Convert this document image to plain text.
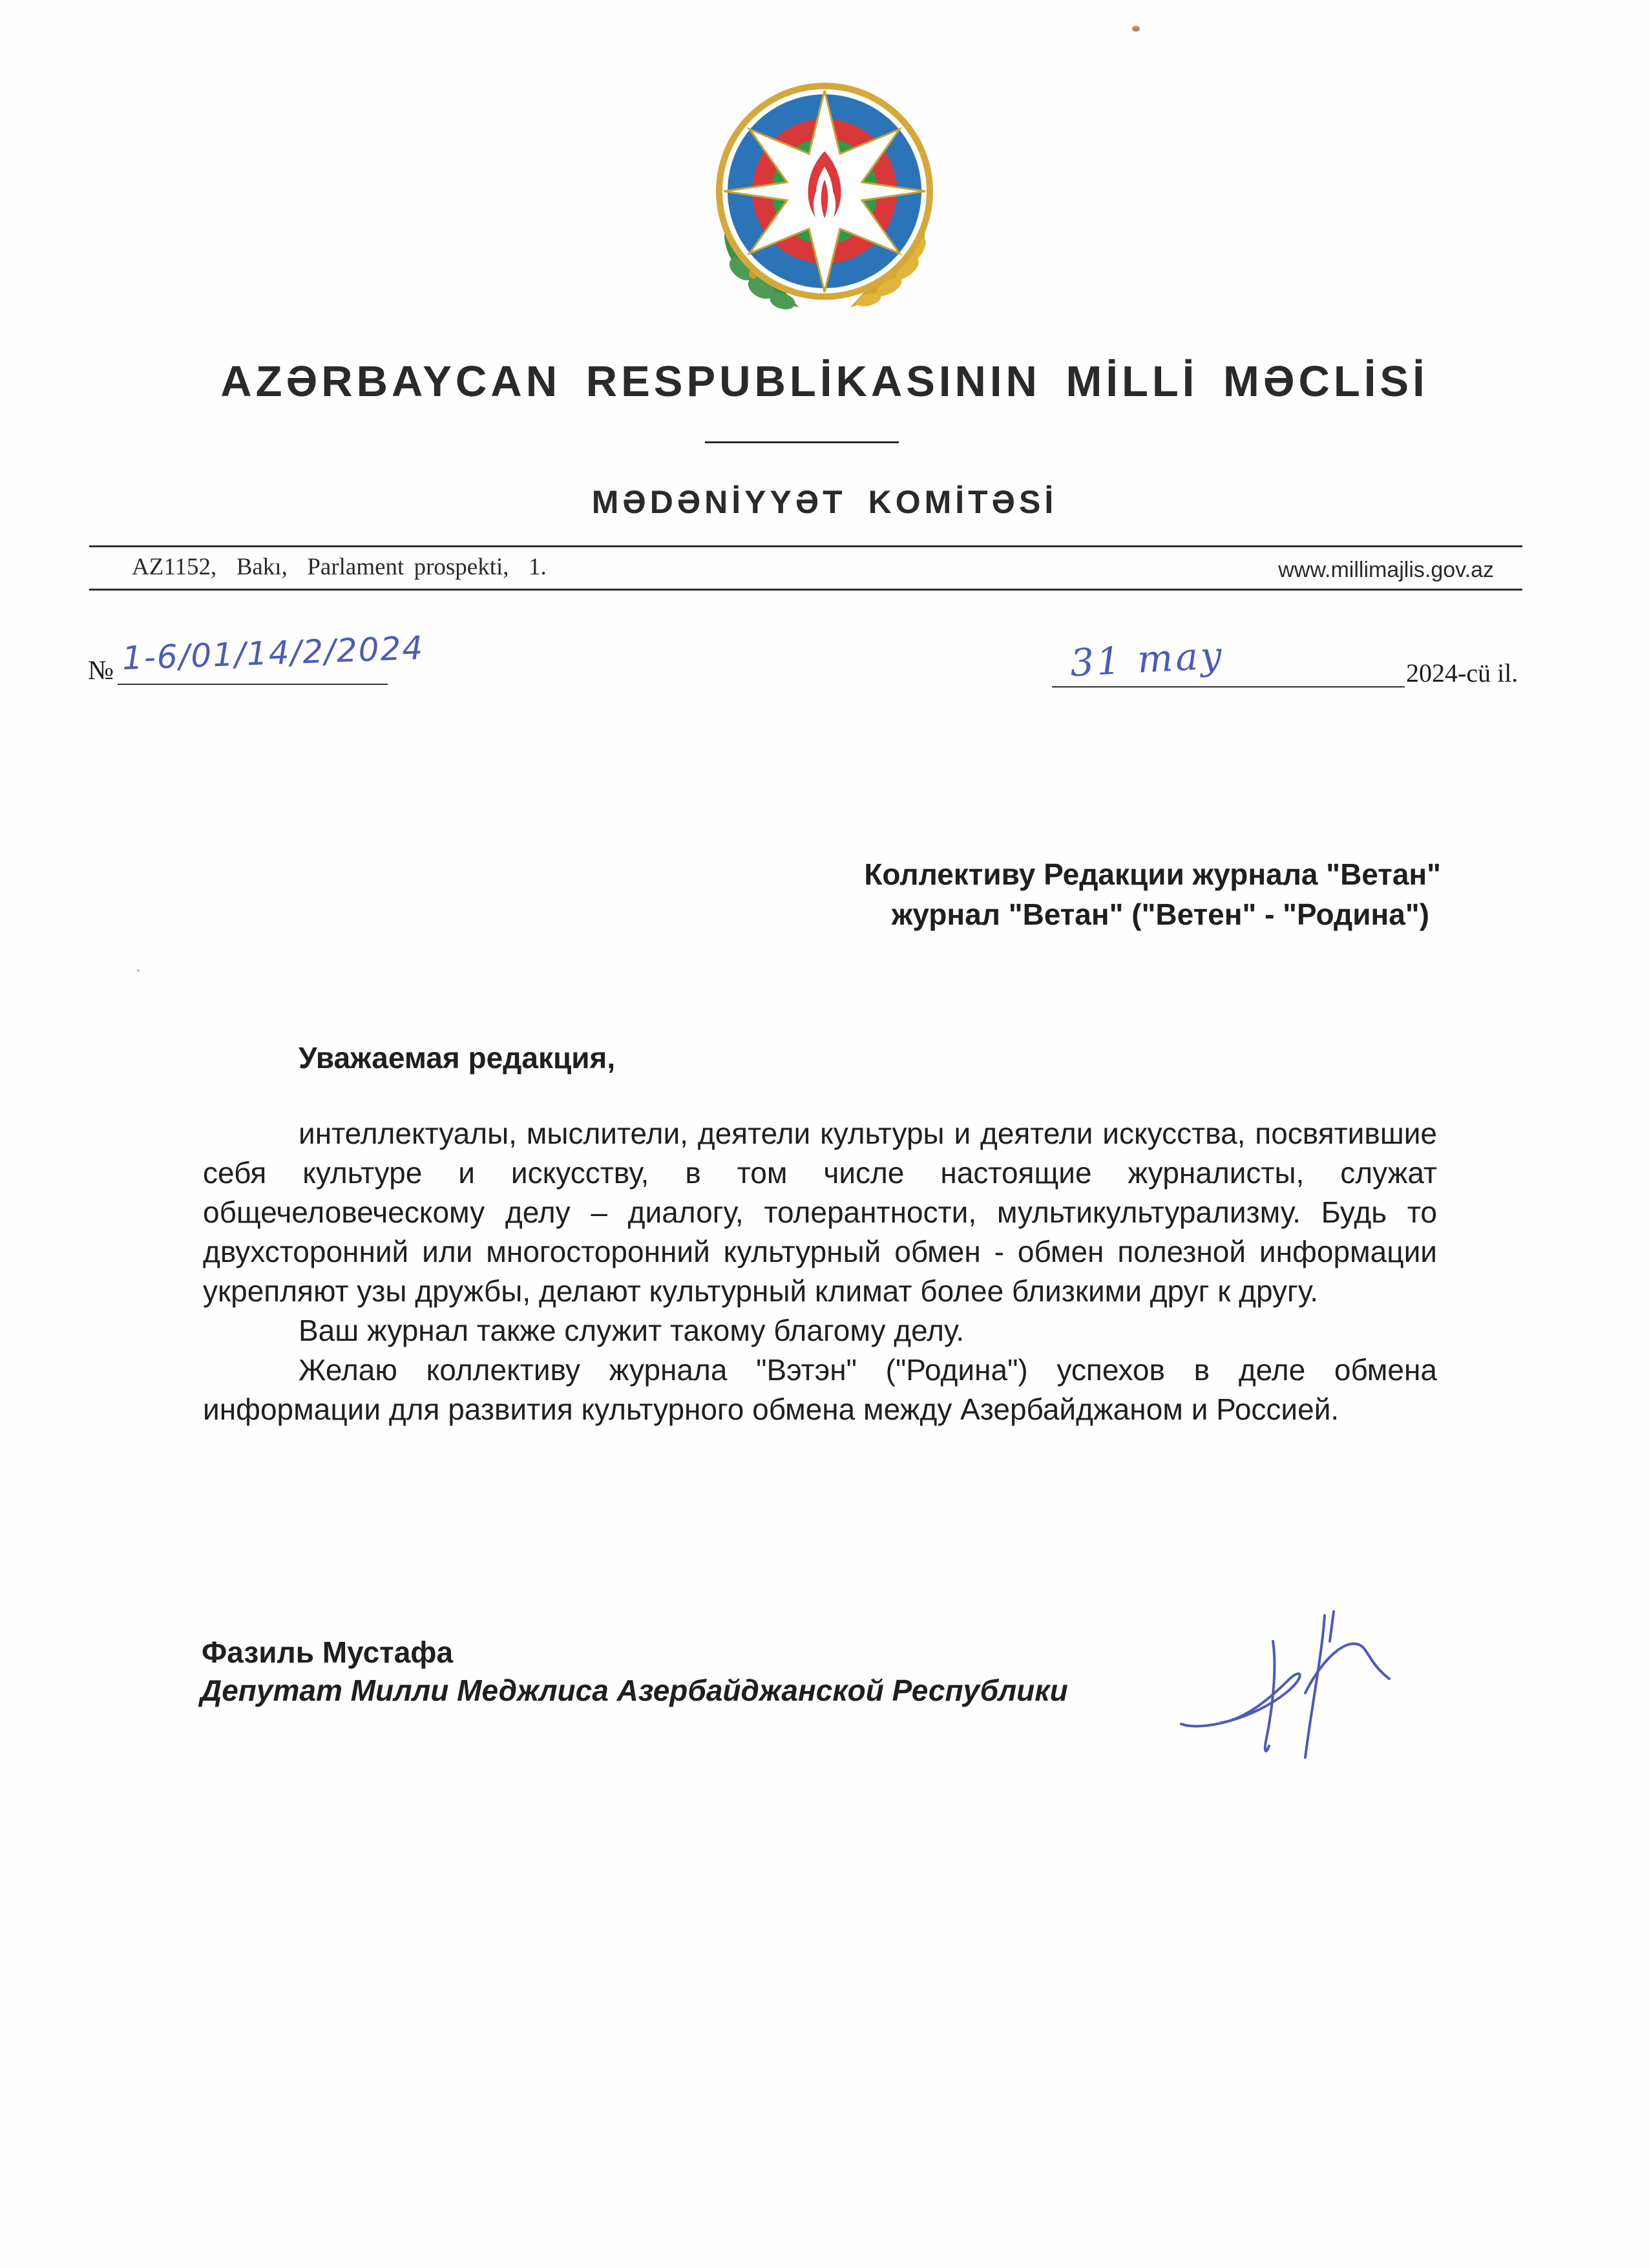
AZƏRBAYCAN RESPUBLİKASININ MİLLİ MƏCLİSİ
MƏDƏNİYYƏT KOMİTƏSİ
AZ1152,  Bakı,  Parlament prospekti,  1.	www.millimajlis.gov.az
№ 1-6/01/14/2/2024	31 may	2024-cü il.
Коллективу Редакции журнала "Ветан"
журнал "Ветан" ("Ветен" - "Родина")
Уважаемая редакция,

интеллектуалы, мыслители, деятели культуры и деятели искусства, посвятившие себя культуре и искусству, в том числе настоящие журналисты, служат общечеловеческому делу – диалогу, толерантности, мультикультурализму. Будь то двухсторонний или многосторонний культурный обмен - обмен полезной информации укрепляют узы дружбы, делают культурный климат более близкими друг к другу.

Ваш журнал также служит такому благому делу.

Желаю коллективу журнала "Вэтэн" ("Родина") успехов в деле обмена информации для развития культурного обмена между Азербайджаном и Россией.

Фазиль Мустафа
Депутат Милли Меджлиса Азербайджанской Республики
